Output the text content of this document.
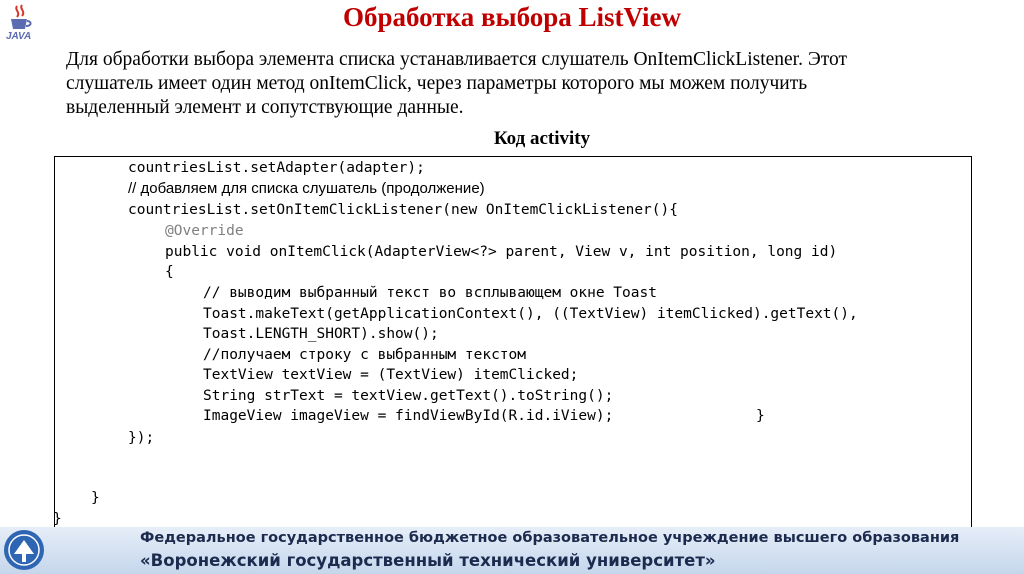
JAVA
Обработка выбора ListView
Для обработки выбора элемента списка устанавливается слушатель OnItemClickListener. Этот
слушатель имеет один метод onItemClick, через параметры которого мы можем получить
выделенный элемент и сопутствующие данные.
Код activity
countriesList.setAdapter(adapter);
// добавляем для списка слушатель (продолжение)
countriesList.setOnItemClickListener(new OnItemClickListener(){
@Override
public void onItemClick(AdapterView<?> parent, View v, int position, long id)
{
// выводим выбранный текст во всплывающем окне Toast
Toast.makeText(getApplicationContext(), ((TextView) itemClicked).getText(),
Toast.LENGTH_SHORT).show();
//получаем строку с выбранным текстом
TextView textView = (TextView) itemClicked;
String strText = textView.getText().toString();
ImageView imageView = findViewById(R.id.iView);	}
});
}
}
Федеральное государственное бюджетное образовательное учреждение высшего образования
«Воронежский государственный технический университет»
